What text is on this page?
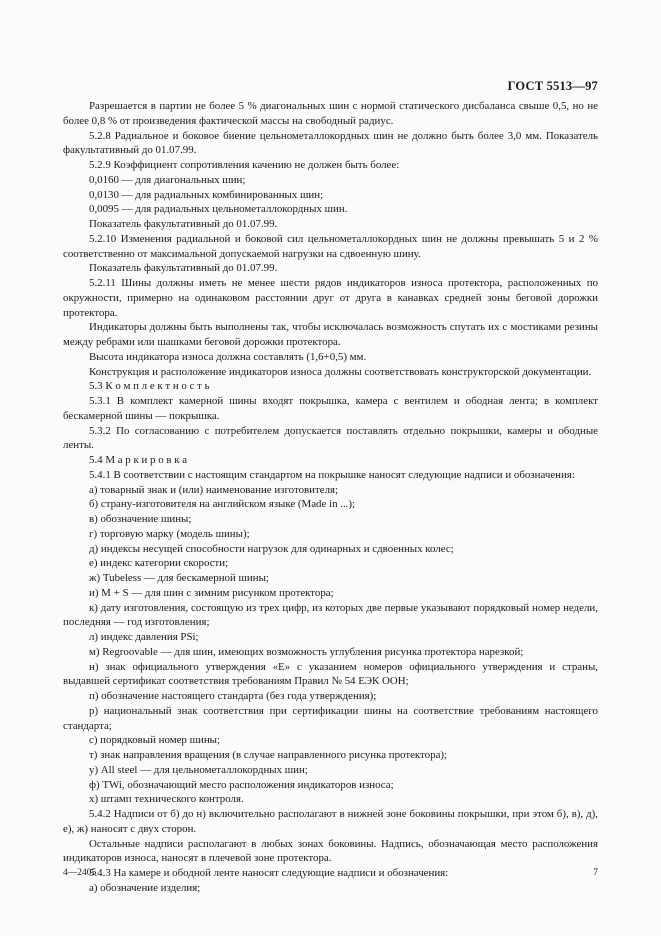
ГОСТ 5513—97

Разрешается в партии не более 5 % диагональных шин с нормой статического дисбаланса свыше 0,5, но не более 0,8 % от произведения фактической массы на свободный радиус.

5.2.8 Радиальное и боковое биение цельнометаллокордных шин не должно быть более 3,0 мм. Показатель факультативный до 01.07.99.

5.2.9 Коэффициент сопротивления качению не должен быть более:

0,0160 — для диагональных шин;

0,0130 — для радиальных комбинированных шин;

0,0095 — для радиальных цельнометаллокордных шин.

Показатель факультативный до 01.07.99.

5.2.10 Изменения радиальной и боковой сил цельнометаллокордных шин не должны превышать 5 и 2 % соответственно от максимальной допускаемой нагрузки на сдвоенную шину.

Показатель факультативный до 01.07.99.

5.2.11 Шины должны иметь не менее шести рядов индикаторов износа протектора, расположенных по окружности, примерно на одинаковом расстоянии друг от друга в канавках средней зоны беговой дорожки протектора.

Индикаторы должны быть выполнены так, чтобы исключалась возможность спутать их с мостиками резины между ребрами или шашками беговой дорожки протектора.

Высота индикатора износа должна составлять (1,6+0,5) мм.

Конструкция и расположение индикаторов износа должны соответствовать конструкторской документации.

5.3 К о м п л е к т н о с т ь

5.3.1 В комплект камерной шины входят покрышка, камера с вентилем и ободная лента; в комплект бескамерной шины — покрышка.

5.3.2 По согласованию с потребителем допускается поставлять отдельно покрышки, камеры и ободные ленты.

5.4 М а р к и р о в к а

5.4.1 В соответствии с настоящим стандартом на покрышке наносят следующие надписи и обозначения:

а) товарный знак и (или) наименование изготовителя;

б) страну-изготовителя на английском языке (Made in ...);

в) обозначение шины;

г) торговую марку (модель шины);

д) индексы несущей способности нагрузок для одинарных и сдвоенных колес;

е) индекс категории скорости;

ж) Tubeless — для бескамерной шины;

и) M + S — для шин с зимним рисунком протектора;

к) дату изготовления, состоящую из трех цифр, из которых две первые указывают порядковый номер недели, последняя — год изготовления;

л) индекс давления PSi;

м) Regroovable — для шин, имеющих возможность углубления рисунка протектора нарезкой;

н) знак официального утверждения «E» с указанием номеров официального утверждения и страны, выдавшей сертификат соответствия требованиям Правил № 54 ЕЭК ООН;

п) обозначение настоящего стандарта (без года утверждения);

р) национальный знак соответствия при сертификации шины на соответствие требованиям настоящего стандарта;

с) порядковый номер шины;

т) знак направления вращения (в случае направленного рисунка протектора);

у) All steel — для цельнометаллокордных шин;

ф) TWi, обозначающий место расположения индикаторов износа;

х) штамп технического контроля.

5.4.2 Надписи от б) до н) включительно располагают в нижней зоне боковины покрышки, при этом б), в), д), е), ж) наносят с двух сторон.

Остальные надписи располагают в любых зонах боковины. Надпись, обозначающая место расположения индикаторов износа, наносят в плечевой зоне протектора.

5.4.3 На камере и ободной ленте наносят следующие надписи и обозначения:

а) обозначение изделия;

4—2405	7
